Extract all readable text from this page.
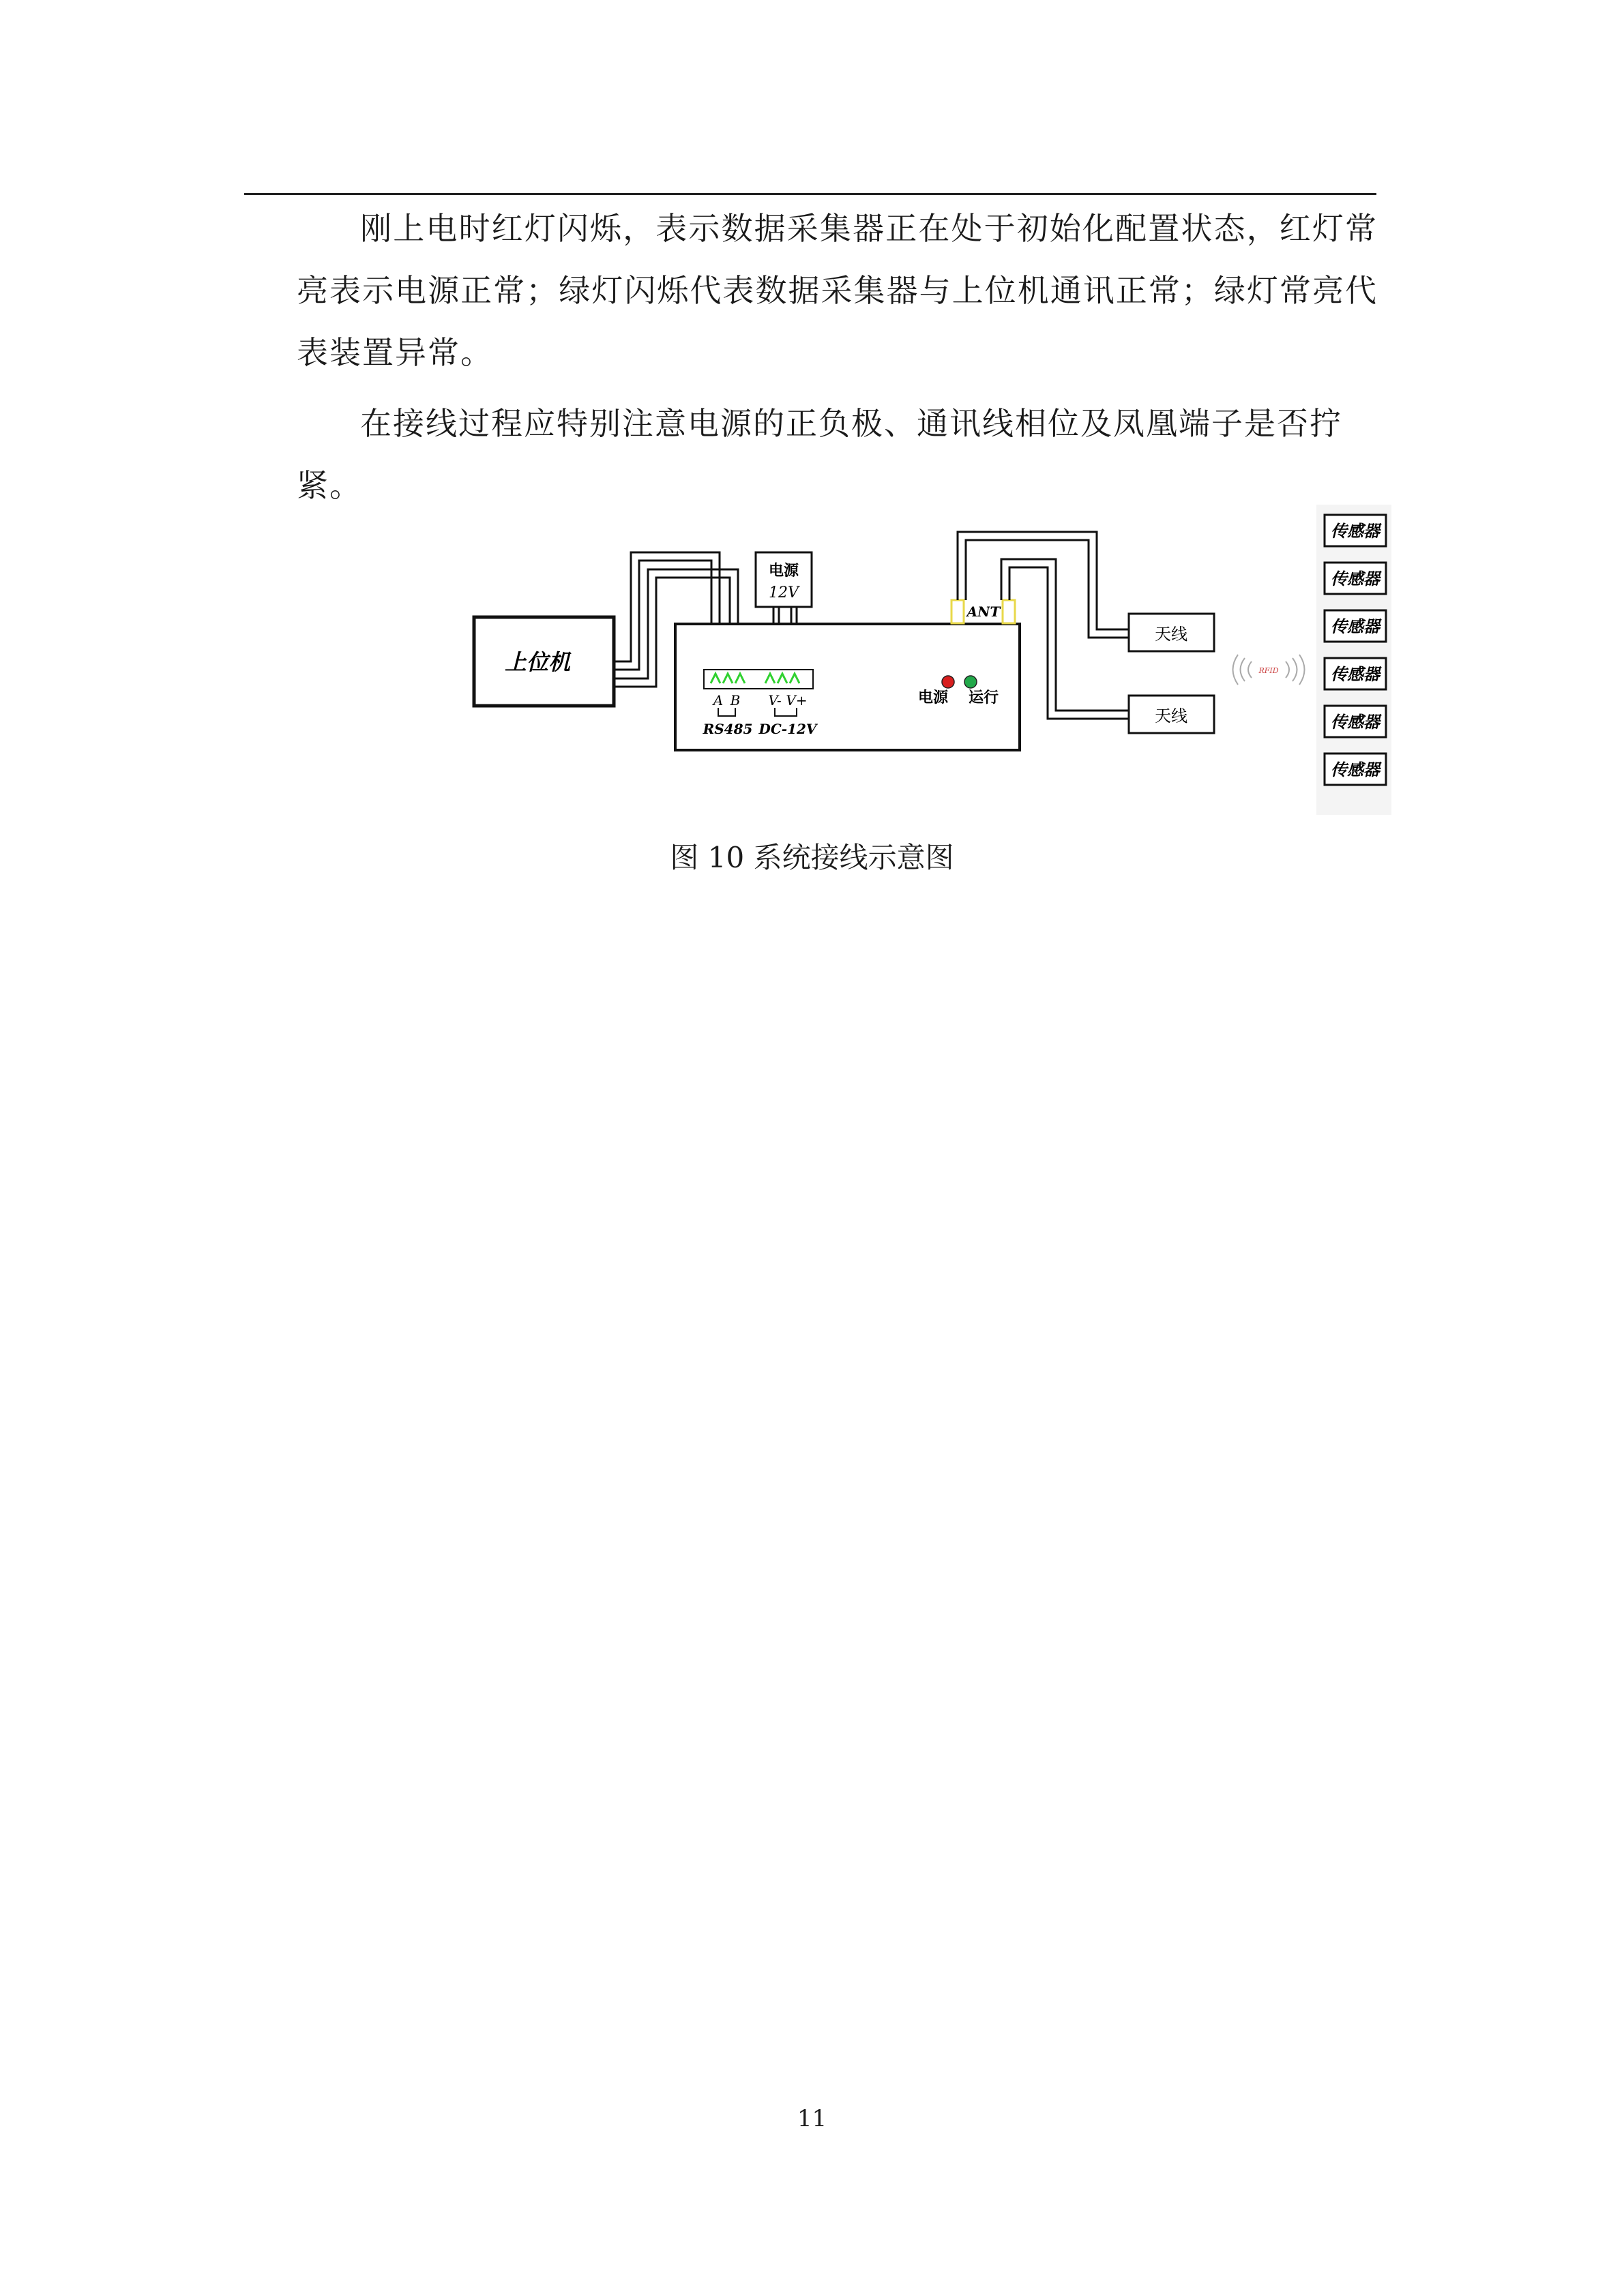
刚上电时红灯闪烁，表示数据采集器正在处于初始化配置状态，红灯常亮表示电源正常；绿灯闪烁代表数据采集器与上位机通讯正常；绿灯常亮代表装置异常。

在接线过程应特别注意电源的正负极、通讯线相位及凤凰端子是否拧紧。

上位机
电源
12V
A B V- V+
RS485 DC-12V
电源 运行
ANT
天线
天线
RFID
传感器
传感器
传感器
传感器
传感器
传感器
图 10 系统接线示意图
11
